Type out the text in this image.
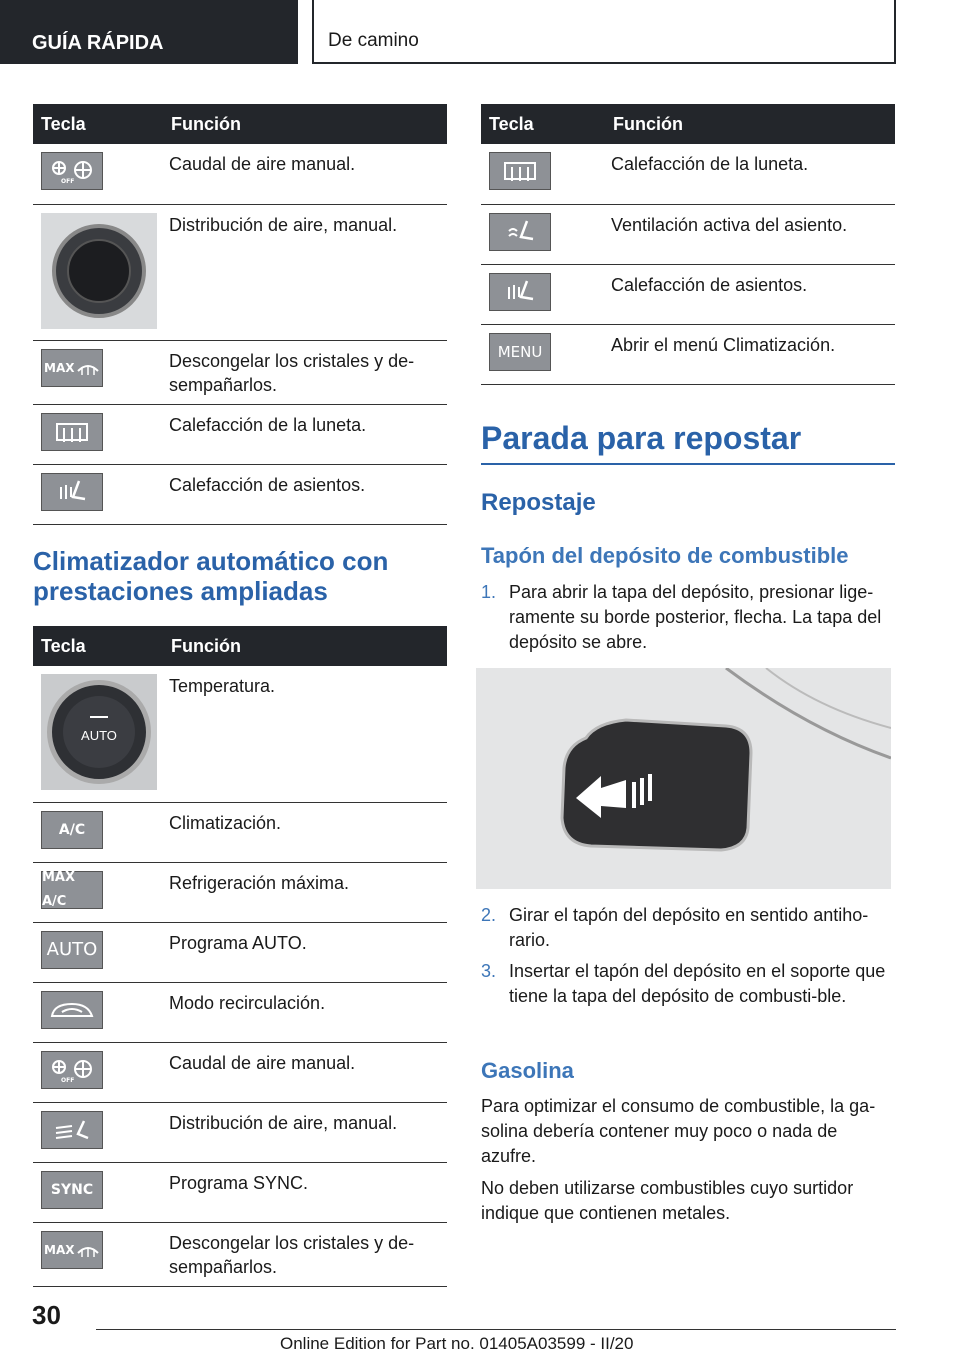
GUÍA RÁPIDA	De camino
Tecla	Función

OFF	Caudal de aire manual.

	Distribución de aire, manual.

MAX	Descongelar los cristales y de-sempañarlos.

	Calefacción de la luneta.

	Calefacción de asientos.
Climatizador automático con prestaciones ampliadas
Tecla	Función

AUTO	Temperatura.

A/C	Climatización.

MAX A/C	Refrigeración máxima.

AUTO	Programa AUTO.

	Modo recirculación.

OFF	Caudal de aire manual.

	Distribución de aire, manual.

SYNC	Programa SYNC.

MAX	Descongelar los cristales y de-sempañarlos.
Tecla	Función

	Calefacción de la luneta.

	Ventilación activa del asiento.

	Calefacción de asientos.

MENU	Abrir el menú Climatización.
Parada para repostar
Repostaje
Tapón del depósito de combustible
1. Para abrir la tapa del depósito, presionar lige-ramente su borde posterior, flecha. La tapa del depósito se abre.
2. Girar el tapón del depósito en sentido antiho-rario.
3. Insertar el tapón del depósito en el soporte que tiene la tapa del depósito de combusti-ble.
Gasolina

Para optimizar el consumo de combustible, la ga-solina debería contener muy poco o nada de azufre.

No deben utilizarse combustibles cuyo surtidor indique que contienen metales.

30
Online Edition for Part no. 01405A03599 - II/20
